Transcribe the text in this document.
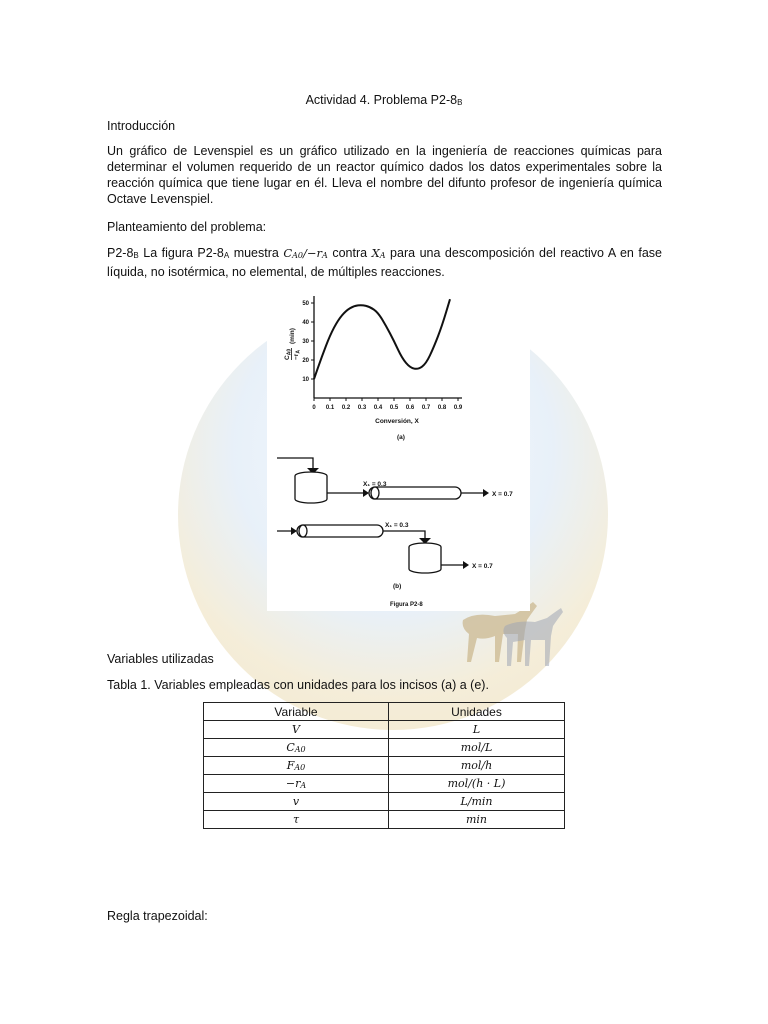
Actividad 4. Problema $P2-8_B$

Introducción

Un gráfico de Levenspiel es un gráfico utilizado en la ingeniería de reacciones químicas para determinar el volumen requerido de un reactor químico dados los datos experimentales sobre la reacción química que tiene lugar en él. Lleva el nombre del difunto profesor de ingeniería química Octave Levenspiel.

Planteamiento del problema:

$P2-8_B$ La figura $P2-8_A$ muestra $C_{A0}/-r_A$ contra $X_A$ para una descomposición del reactivo A en fase líquida, no isotérmica, no elemental, de múltiples reacciones.

50
40
30
20
10
0 0.1 0.2 0.3 0.4 0.5 0.6 0.7 0.8 0.9
Conversión, X
(a)
$C_{A0}$
$-r_A$
(min)
X₁ = 0.3
X = 0.7
X₁ = 0.3
X = 0.7
(b)
Figura P2-8

Variables utilizadas

Tabla 1. Variables empleadas con unidades para los incisos (a) a (e).

Variable	Unidades
V	L
$C_{A0}$	mol/L
$F_{A0}$	mol/h
$-r_A$	mol/(h · L)
v	L/min
τ	min

Regla trapezoidal:
